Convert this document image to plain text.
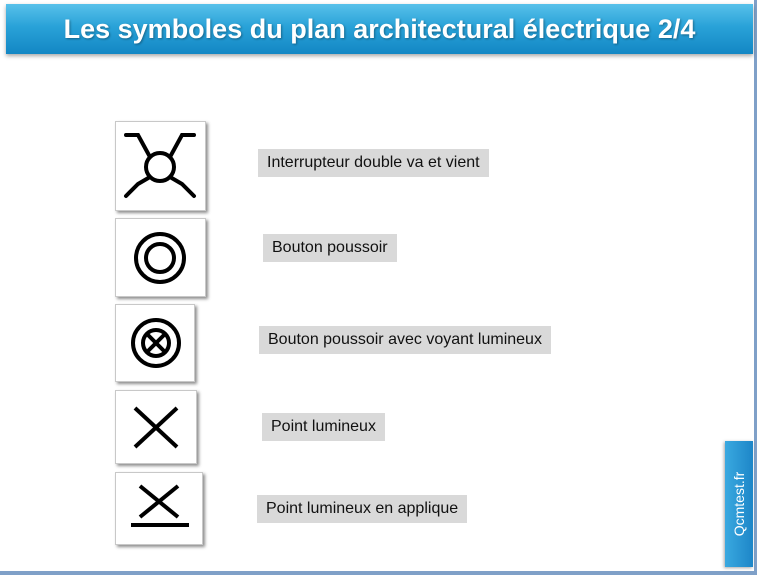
Les symboles du plan architectural électrique 2/4
Interrupteur double va et vient
Bouton poussoir
Bouton poussoir avec voyant lumineux
Point lumineux
Point lumineux en applique	Qcmtest.fr
